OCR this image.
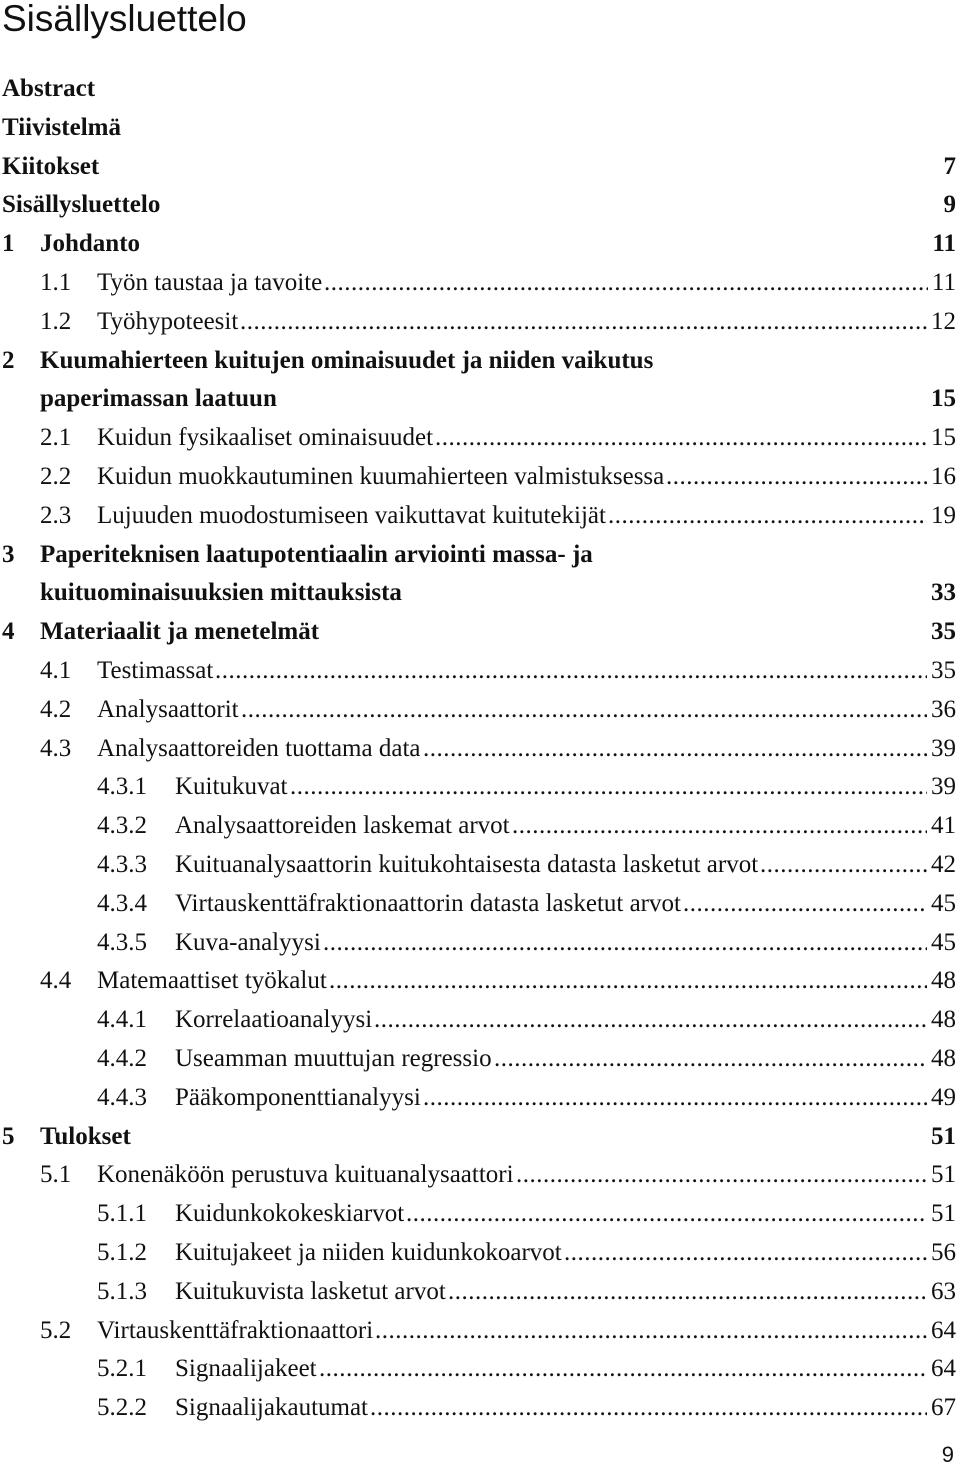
Sisällysluettelo
Abstract
Tiivistelmä
Kiitokset	7
Sisällysluettelo	9
1 Johdanto	11
1.1 Työn taustaa ja tavoite .....	11
1.2 Työhypoteesit .....	12
2 Kuumahierteen kuitujen ominaisuudet ja niiden vaikutus
paperimassan laatuun	15
2.1 Kuidun fysikaaliset ominaisuudet .....	15
2.2 Kuidun muokkautuminen kuumahierteen valmistuksessa .....	16
2.3 Lujuuden muodostumiseen vaikuttavat kuitutekijät .....	19
3 Paperiteknisen laatupotentiaalin arviointi massa- ja
kuituominaisuuksien mittauksista	33
4 Materiaalit ja menetelmät	35
4.1 Testimassat .....	35
4.2 Analysaattorit .....	36
4.3 Analysaattoreiden tuottama data .....	39
4.3.1 Kuitukuvat .....	39
4.3.2 Analysaattoreiden laskemat arvot .....	41
4.3.3 Kuituanalysaattorin kuitukohtaisesta datasta lasketut arvot .....	42
4.3.4 Virtauskenttäfraktionaattorin datasta lasketut arvot .....	45
4.3.5 Kuva-analyysi .....	45
4.4 Matemaattiset työkalut .....	48
4.4.1 Korrelaatioanalyysi .....	48
4.4.2 Useamman muuttujan regressio .....	48
4.4.3 Pääkomponenttianalyysi .....	49
5 Tulokset	51
5.1 Konenäköön perustuva kuituanalysaattori .....	51
5.1.1 Kuidunkokokeskiarvot .....	51
5.1.2 Kuitujakeet ja niiden kuidunkokoarvot .....	56
5.1.3 Kuitukuvista lasketut arvot .....	63
5.2 Virtauskenttäfraktionaattori .....	64
5.2.1 Signaalijakeet .....	64
5.2.2 Signaalijakautumat .....	67
9
